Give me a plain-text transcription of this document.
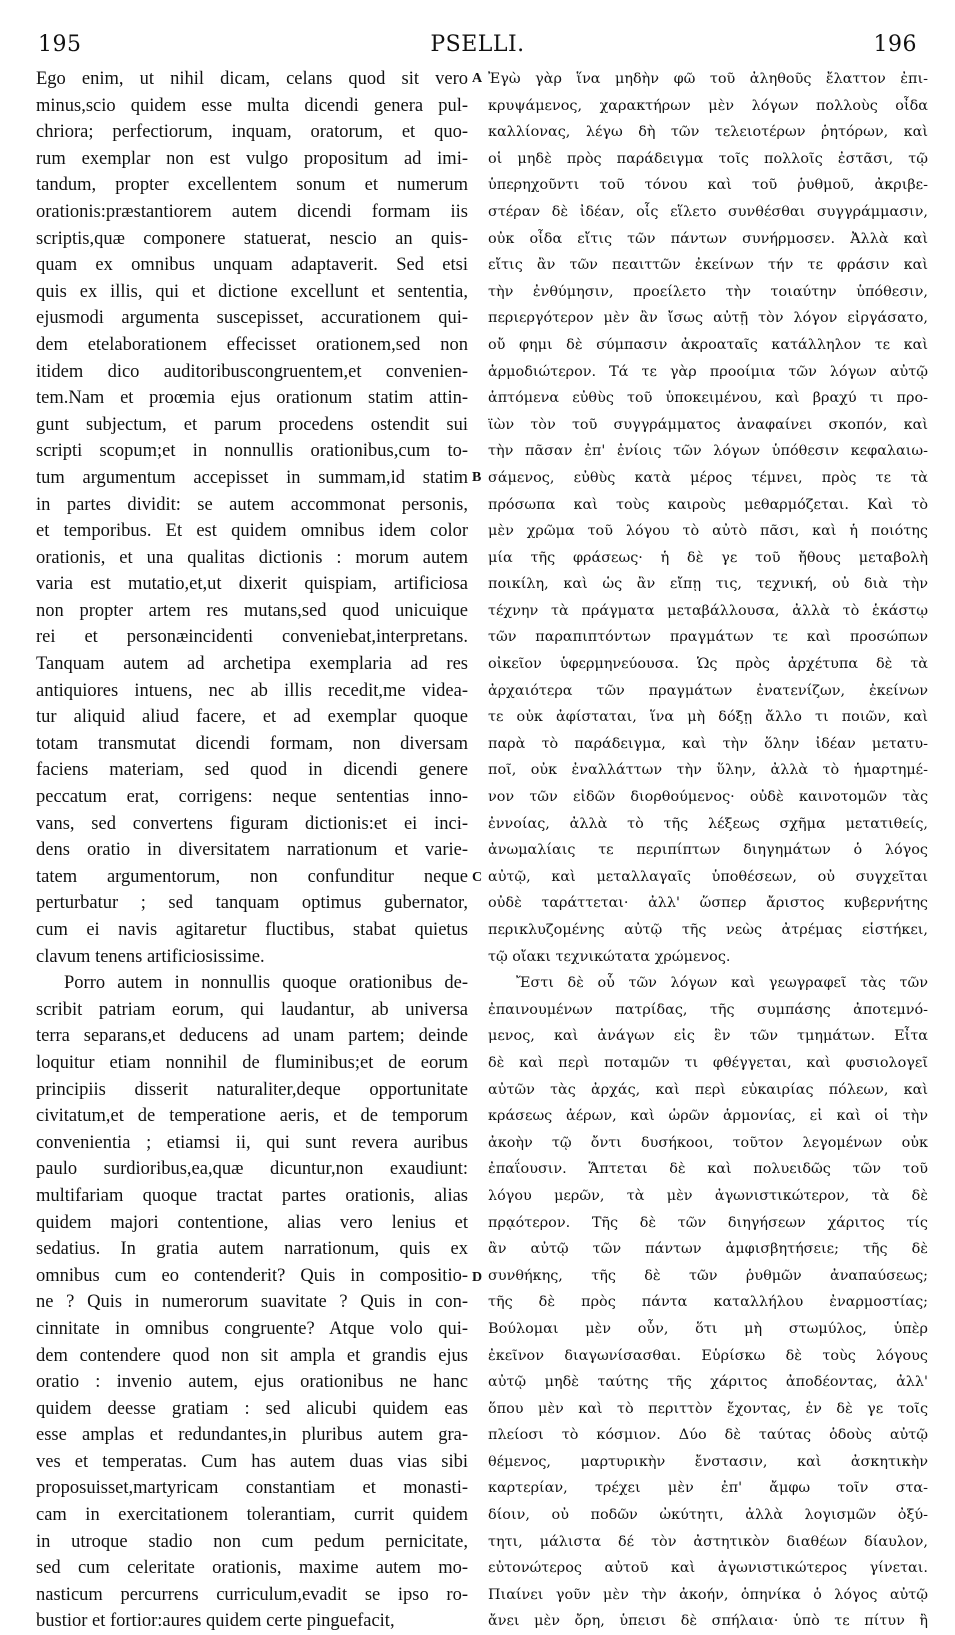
PSELLI.
195	196
Ego enim, ut nihil dicam, celans quod sit vero
minus,scio quidem esse multa dicendi genera pul-
chriora; perfectiorum, inquam, oratorum, et quo-
rum exemplar non est vulgo propositum ad imi-
tandum, propter excellentem sonum et numerum
orationis:præstantiorem autem dicendi formam iis
scriptis,quæ componere statuerat, nescio an quis-
quam ex omnibus unquam adaptaverit. Sed etsi
quis ex illis, qui et dictione excellunt et sententia,
ejusmodi argumenta suscepisset, accurationem qui-
dem etelaborationem effecisset orationem,sed non
itidem dico auditoribuscongruentem,et convenien-
tem.Nam et proœmia ejus orationum statim attin-
gunt subjectum, et parum procedens ostendit sui
scripti scopum;et in nonnullis orationibus,cum to-
tum argumentum accepisset in summam,id statim
in partes dividit: se autem accommonat personis,
et temporibus. Et est quidem omnibus idem color
orationis, et una qualitas dictionis : morum autem
varia est mutatio,et,ut dixerit quispiam, artificiosa
non propter artem res mutans,sed quod unicuique
rei et personæincidenti conveniebat,interpretans.
Tanquam autem ad archetipa exemplaria ad res
antiquiores intuens, nec ab illis recedit,me videa-
tur aliquid aliud facere, et ad exemplar quoque
totam transmutat dicendi formam, non diversam
faciens materiam, sed quod in dicendi genere
peccatum erat, corrigens: neque sententias inno-
vans, sed convertens figuram dictionis:et ei inci-
dens oratio in diversitatem narrationum et varie-
tatem argumentorum, non confunditur neque
perturbatur ; sed tanquam optimus gubernator,
cum ei navis agitaretur fluctibus, stabat quietus
clavum tenens artificiosissime.
Porro autem in nonnullis quoque orationibus de-
scribit patriam eorum, qui laudantur, ab universa
terra separans,et deducens ad unam partem; deinde
loquitur etiam nonnihil de fluminibus;et de eorum
principiis disserit naturaliter,deque opportunitate
civitatum,et de temperatione aeris, et de temporum
convenientia ; etiamsi ii, qui sunt revera auribus
paulo surdioribus,ea,quæ dicuntur,non exaudiunt:
multifariam quoque tractat partes orationis, alias
quidem majori contentione, alias vero lenius et
sedatius. In gratia autem narrationum, quis ex
omnibus cum eo contenderit? Quis in compositio-
ne ? Quis in numerorum suavitate ? Quis in con-
cinnitate in omnibus congruente? Atque volo qui-
dem contendere quod non sit ampla et grandis ejus
oratio : invenio autem, ejus orationibus ne hanc
quidem deesse gratiam : sed alicubi quidem eas
esse amplas et redundantes,in pluribus autem gra-
ves et temperatas. Cum has autem duas vias sibi
proposuisset,martyricam constantiam et monasti-
cam in exercitationem tolerantiam, currit quidem
in utroque stadio non cum pedum pernicitate,
sed cum celeritate orationis, maxime autem mo-
nasticum percurrens curriculum,evadit se ipso ro-
bustior et fortior:aures quidem certe pinguefacit,
Ἐγὼ γὰρ ἵνα μηδὴν φῶ τοῦ ἀληθοῦς ἔλαττον ἐπι-
κρυψάμενος, χαρακτήρων μὲν λόγων πολλοὺς οἶδα
καλλίονας, λέγω δὴ τῶν τελειοτέρων ῥητόρων, καὶ
οἱ μηδὲ πρὸς παράδειγμα τοῖς πολλοῖς ἐστᾶσι, τῷ
ὑπερηχοῦντι τοῦ τόνου καὶ τοῦ ῥυθμοῦ, ἀκριβε-
στέραν δὲ ἰδέαν, οἷς εἵλετο συνθέσθαι συγγράμμασιν,
οὐκ οἶδα εἴτις τῶν πάντων συνήρμοσεν. Ἀλλὰ καὶ
εἴτις ἂν τῶν πεαιττῶν ἐκείνων τήν τε φράσιν καὶ
τὴν ἐνθύμησιν, προείλετο τὴν τοιαύτην ὑπόθεσιν,
περιεργότερον μὲν ἂν ἴσως αὐτῇ τὸν λόγον εἰργάσατο,
οὔ φημι δὲ σύμπασιν ἀκροαταῖς κατάλληλον τε καὶ
ἁρμοδιώτερον. Τά τε γὰρ προοίμια τῶν λόγων αὐτῷ
ἁπτόμενα εὐθὺς τοῦ ὑποκειμένου, καὶ βραχύ τι προ-
ϊὼν τὸν τοῦ συγγράμματος ἀναφαίνει σκοπόν, καὶ
τὴν πᾶσαν ἐπ' ἐνίοις τῶν λόγων ὑπόθεσιν κεφαλαιω-
σάμενος, εὐθὺς κατὰ μέρος τέμνει, πρὸς τε τὰ
πρόσωπα καὶ τοὺς καιροὺς μεθαρμόζεται. Καὶ τὸ
μὲν χρῶμα τοῦ λόγου τὸ αὐτὸ πᾶσι, καὶ ἡ ποιότης
μία τῆς φράσεως· ἡ δὲ γε τοῦ ἤθους μεταβολὴ
ποικίλη, καὶ ὡς ἂν εἴπῃ τις, τεχνική, οὐ διὰ τὴν
τέχνην τὰ πράγματα μεταβάλλουσα, ἀλλὰ τὸ ἑκάστῳ
τῶν παραπιπτόντων πραγμάτων τε καὶ προσώπων
οἰκεῖον ὑφερμηνεύουσα. Ὡς πρὸς ἀρχέτυπα δὲ τὰ
ἀρχαιότερα τῶν πραγμάτων ἐνατενίζων, ἐκείνων
τε οὐκ ἀφίσταται, ἵνα μὴ δόξῃ ἄλλο τι ποιῶν, καὶ
παρὰ τὸ παράδειγμα, καὶ τὴν ὅλην ἰδέαν μετατυ-
ποῖ, οὐκ ἐναλλάττων τὴν ὕλην, ἀλλὰ τὸ ἡμαρτημέ-
νον τῶν εἰδῶν διορθούμενος· οὐδὲ καινοτομῶν τὰς
ἐννοίας, ἀλλὰ τὸ τῆς λέξεως σχῆμα μετατιθείς,
ἀνωμαλίαις τε περιπίπτων διηγημάτων ὁ λόγος
αὐτῷ, καὶ μεταλλαγαῖς ὑποθέσεων, οὐ συγχεῖται
οὐδὲ ταράττεται· ἀλλ' ὥσπερ ἄριστος κυβερνήτης
περικλυζομένης αὐτῷ τῆς νεὼς ἀτρέμας εἱστήκει,
τῷ οἴακι τεχνικώτατα χρώμενος.
Ἔστι δὲ οὗ τῶν λόγων καὶ γεωγραφεῖ τὰς τῶν
ἐπαινουμένων πατρίδας, τῆς συμπάσης ἀποτεμνό-
μενος, καὶ ἀνάγων εἰς ἓν τῶν τμημάτων. Εἶτα
δὲ καὶ περὶ ποταμῶν τι φθέγγεται, καὶ φυσιολογεῖ
αὐτῶν τὰς ἀρχάς, καὶ περὶ εὐκαιρίας πόλεων, καὶ
κράσεως ἀέρων, καὶ ὡρῶν ἁρμονίας, εἰ καὶ οἱ τὴν
ἀκοὴν τῷ ὄντι δυσήκοοι, τοῦτον λεγομένων οὐκ
ἐπαΐουσιν. Ἅπτεται δὲ καὶ πολυειδῶς τῶν τοῦ
λόγου μερῶν, τὰ μὲν ἀγωνιστικώτερον, τὰ δὲ
πρᾳότερον. Τῆς δὲ τῶν διηγήσεων χάριτος τίς
ἂν αὐτῷ τῶν πάντων ἀμφισβητήσειε; τῆς δὲ
συνθήκης, τῆς δὲ τῶν ῥυθμῶν ἀναπαύσεως;
τῆς δὲ πρὸς πάντα καταλλήλου ἐναρμοστίας;
Βούλομαι μὲν οὖν, ὅτι μὴ στωμύλος, ὑπὲρ
ἐκεῖνον διαγωνίσασθαι. Εὑρίσκω δὲ τοὺς λόγους
αὐτῷ μηδὲ ταύτης τῆς χάριτος ἀποδέοντας, ἀλλ'
ὅπου μὲν καὶ τὸ περιττὸν ἔχοντας, ἐν δὲ γε τοῖς
πλείοσι τὸ κόσμιον. Δύο δὲ ταύτας ὁδοὺς αὐτῷ
θέμενος, μαρτυρικὴν ἔνστασιν, καὶ ἀσκητικὴν
καρτερίαν, τρέχει μὲν ἐπ' ἄμφω τοῖν στα-
δίοιν, οὐ ποδῶν ὠκύτητι, ἀλλὰ λογισμῶν ὀξύ-
τητι, μάλιστα δέ τὸν ἀστητικὸν διαθέων δίαυλον,
εὐτονώτερος αὐτοῦ καὶ ἀγωνιστικώτερος γίνεται.
Πιαίνει γοῦν μὲν τὴν ἀκοήν, ὁπηνίκα ὁ λόγος αὐτῷ
ἄνει μὲν ὄρη, ὑπεισι δὲ σπήλαια· ὑπὸ τε πίτυν ἢ
A
B
C
D
